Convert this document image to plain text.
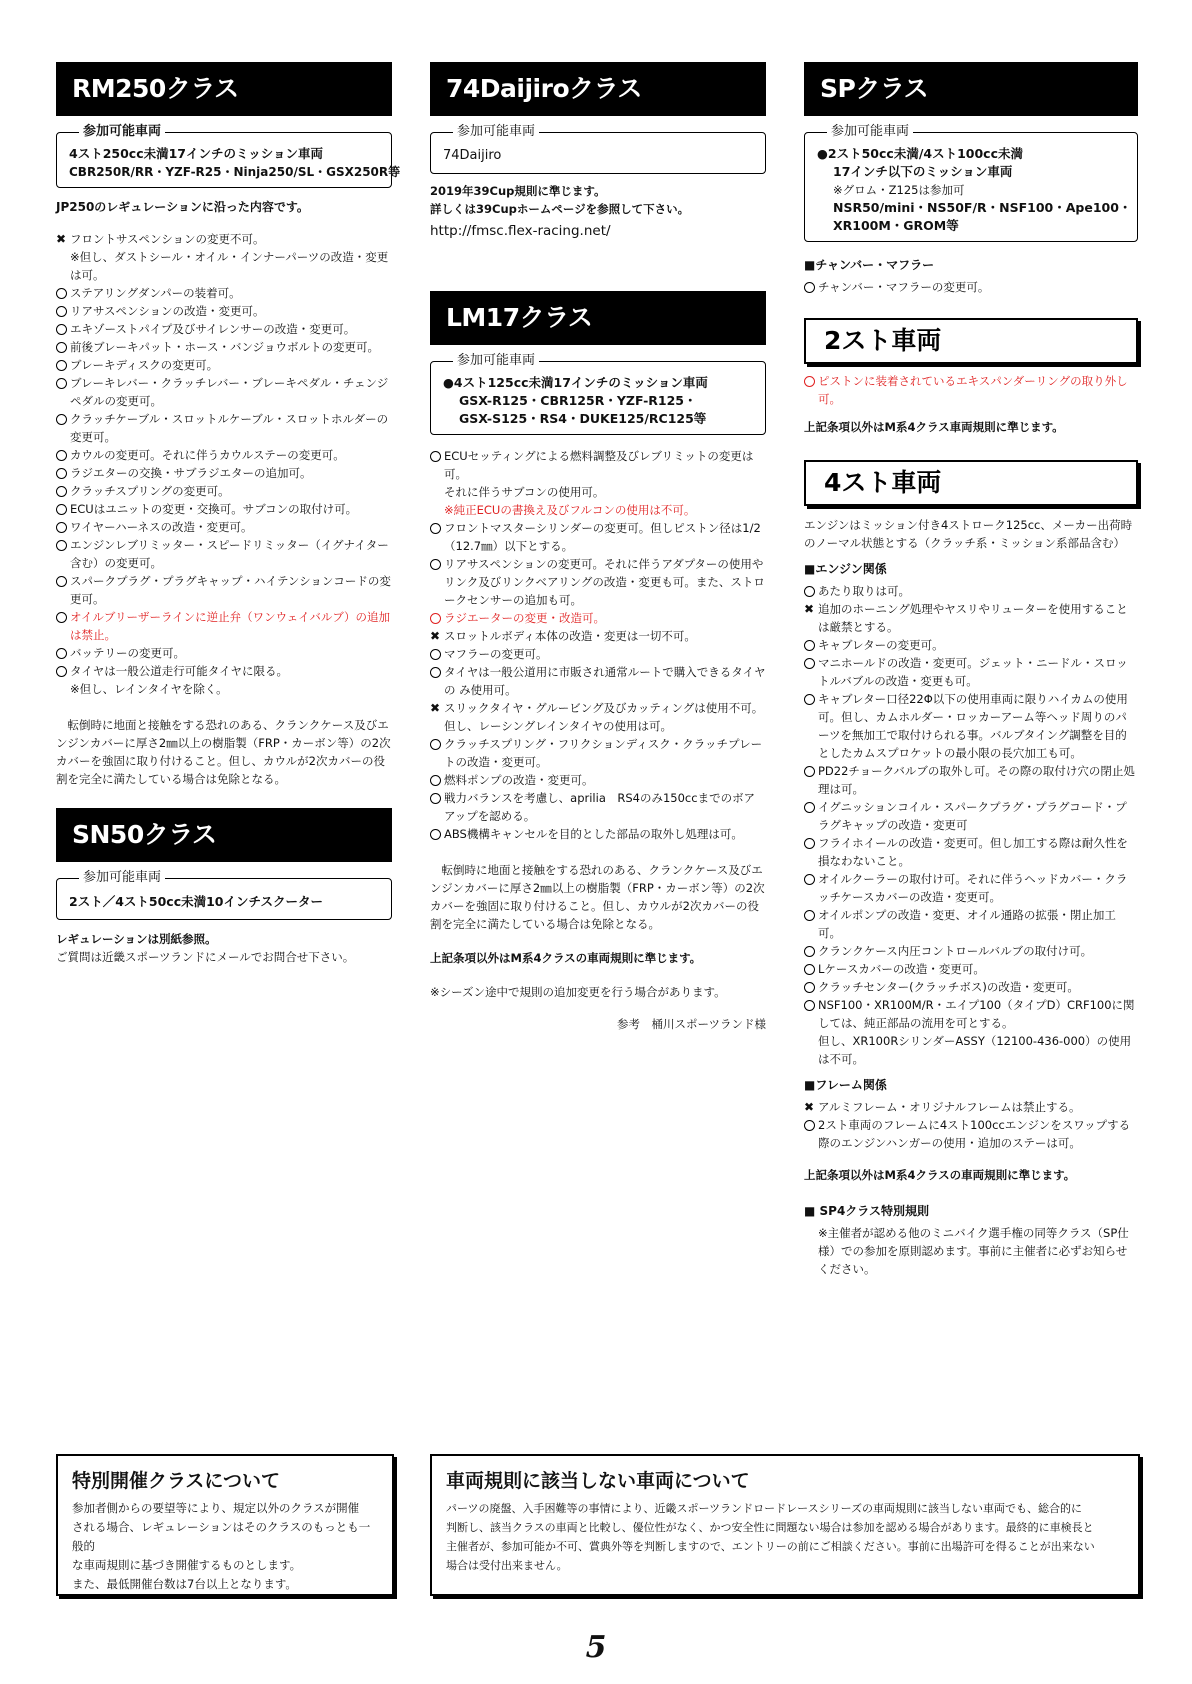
RM250クラス
参加可能車両
4スト250cc未満17インチのミッション車両
CBR250R/RR・YZF-R25・Ninja250/SL・GSX250R等

JP250のレギュレーションに沿った内容です。

✖
フロントサスペンションの変更不可。
※但し、ダストシール・オイル・インナーパーツの改造・変更は可。
ステアリングダンパーの装着可。
リアサスペンションの改造・変更可。
エキゾーストパイプ及びサイレンサーの改造・変更可。
前後ブレーキパット・ホース・バンジョウボルトの変更可。
ブレーキディスクの変更可。
ブレーキレバー・クラッチレバー・ブレーキペダル・チェンジペダルの変更可。
クラッチケーブル・スロットルケーブル・スロットホルダーの変更可。
カウルの変更可。それに伴うカウルステーの変更可。
ラジエターの交換・サブラジエターの追加可。
クラッチスプリングの変更可。
ECUはユニットの変更・交換可。サブコンの取付け可。
ワイヤーハーネスの改造・変更可。
エンジンレブリミッター・スピードリミッター（イグナイター含む）の変更可。
スパークプラグ・プラグキャップ・ハイテンションコードの変更可。
オイルブリーザーラインに逆止弁（ワンウェイバルブ）の追加は禁止。
バッテリーの変更可。
タイヤは一般公道走行可能タイヤに限る。
※但し、レインタイヤを除く。

転倒時に地面と接触をする恐れのある、クランクケース及びエンジンカバーに厚さ2㎜以上の樹脂製（FRP・カーボン等）の2次カバーを強固に取り付けること。但し、カウルが2次カバーの役割を完全に満たしている場合は免除となる。

SN50クラス
参加可能車両
2スト／4スト50cc未満10インチスクーター

レギュレーションは別紙参照。

ご質問は近畿スポーツランドにメールでお問合せ下さい。

74Daijiroクラス
参加可能車両
74Daijiro

2019年39Cup規則に準じます。

詳しくは39Cupホームページを参照して下さい。

http://fmsc.flex-racing.net/

LM17クラス
参加可能車両
●4スト125cc未満17インチのミッション車両
GSX-R125・CBR125R・YZF-R125・
GSX-S125・RS4・DUKE125/RC125等
ECUセッティングによる燃料調整及びレブリミットの変更は可。
それに伴うサブコンの使用可。
※純正ECUの書換え及びフルコンの使用は不可。
フロントマスターシリンダーの変更可。但しピストン径は1/2（12.7㎜）以下とする。
リアサスペンションの変更可。それに伴うアダプターの使用やリンク及びリンクベアリングの改造・変更も可。また、ストロークセンサーの追加も可。
ラジエーターの変更・改造可。
✖
スロットルボディ本体の改造・変更は一切不可。
マフラーの変更可。
タイヤは一般公道用に市販され通常ルートで購入できるタイヤの み使用可。
✖
スリックタイヤ・グルービング及びカッティングは使用不可。但し、レーシングレインタイヤの使用は可。
クラッチスプリング・フリクションディスク・クラッチプレートの改造・変更可。
燃料ポンプの改造・変更可。
戦力バランスを考慮し、aprilia　RS4のみ150ccまでのボアアップを認める。
ABS機構キャンセルを目的とした部品の取外し処理は可。

転倒時に地面と接触をする恐れのある、クランクケース及びエンジンカバーに厚さ2㎜以上の樹脂製（FRP・カーボン等）の2次カバーを強固に取り付けること。但し、カウルが2次カバーの役割を完全に満たしている場合は免除となる。

上記条項以外はM系4クラスの車両規則に準じます。

※シーズン途中で規則の追加変更を行う場合があります。

参考　桶川スポーツランド様

SPクラス
参加可能車両
●2スト50cc未満/4スト100cc未満
17インチ以下のミッション車両
※グロム・Z125は参加可
NSR50/mini・NS50F/R・NSF100・Ape100・
XR100M・GROM等
■チャンバー・マフラー
チャンバー・マフラーの変更可。
2スト車両
ピストンに装着されているエキスパンダーリングの取り外し可。

上記条項以外はM系4クラス車両規則に準じます。

4スト車両

エンジンはミッション付き4ストローク125cc、メーカー出荷時のノーマル状態とする（クラッチ系・ミッション系部品含む）

■エンジン関係
あたり取りは可。
✖
追加のホーニング処理やヤスリやリューターを使用することは厳禁とする。
キャブレターの変更可。
マニホールドの改造・変更可。ジェット・ニードル・スロットルバブルの改造・変更も可。
キャブレター口径22Φ以下の使用車両に限りハイカムの使用可。但し、カムホルダー・ロッカーアーム等ヘッド周りのパーツを無加工で取付けられる事。バルブタイング調整を目的としたカムスプロケットの最小限の長穴加工も可。
PD22チョークバルブの取外し可。その際の取付け穴の閉止処理は可。
イグニッションコイル・スパークプラグ・プラグコード・プラグキャップの改造・変更可
フライホイールの改造・変更可。但し加工する際は耐久性を損なわないこと。
オイルクーラーの取付け可。それに伴うヘッドカバー・クラッチケースカバーの改造・変更可。
オイルポンプの改造・変更、オイル通路の拡張・閉止加工可。
クランクケース内圧コントロールバルブの取付け可。
Lケースカバーの改造・変更可。
クラッチセンター(クラッチボス)の改造・変更可。
NSF100・XR100M/R・エイプ100（タイプD）CRF100に関しては、純正部品の流用を可とする。
但し、XR100RシリンダーASSY（12100-436-000）の使用は不可。
■フレーム関係
✖
アルミフレーム・オリジナルフレームは禁止する。
2スト車両のフレームに4スト100ccエンジンをスワップする際のエンジンハンガーの使用・追加のステーは可。

上記条項以外はM系4クラスの車両規則に準じます。

■ SP4クラス特別規則
※主催者が認める他のミニバイク選手権の同等クラス（SP仕様）での参加を原則認めます。事前に主催者に必ずお知らせください。
特別開催クラスについて

参加者側からの要望等により、規定以外のクラスが開催

される場合、レギュレーションはそのクラスのもっとも一般的

な車両規則に基づき開催するものとします。

また、最低開催台数は7台以上となります。

車両規則に該当しない車両について

パーツの廃盤、入手困難等の事情により、近畿スポーツランドロードレースシリーズの車両規則に該当しない車両でも、総合的に

判断し、該当クラスの車両と比較し、優位性がなく、かつ安全性に問題ない場合は参加を認める場合があります。最終的に車検長と

主催者が、参加可能か不可、賞典外等を判断しますので、エントリーの前にご相談ください。事前に出場許可を得ることが出来ない

場合は受付出来ません。

5
